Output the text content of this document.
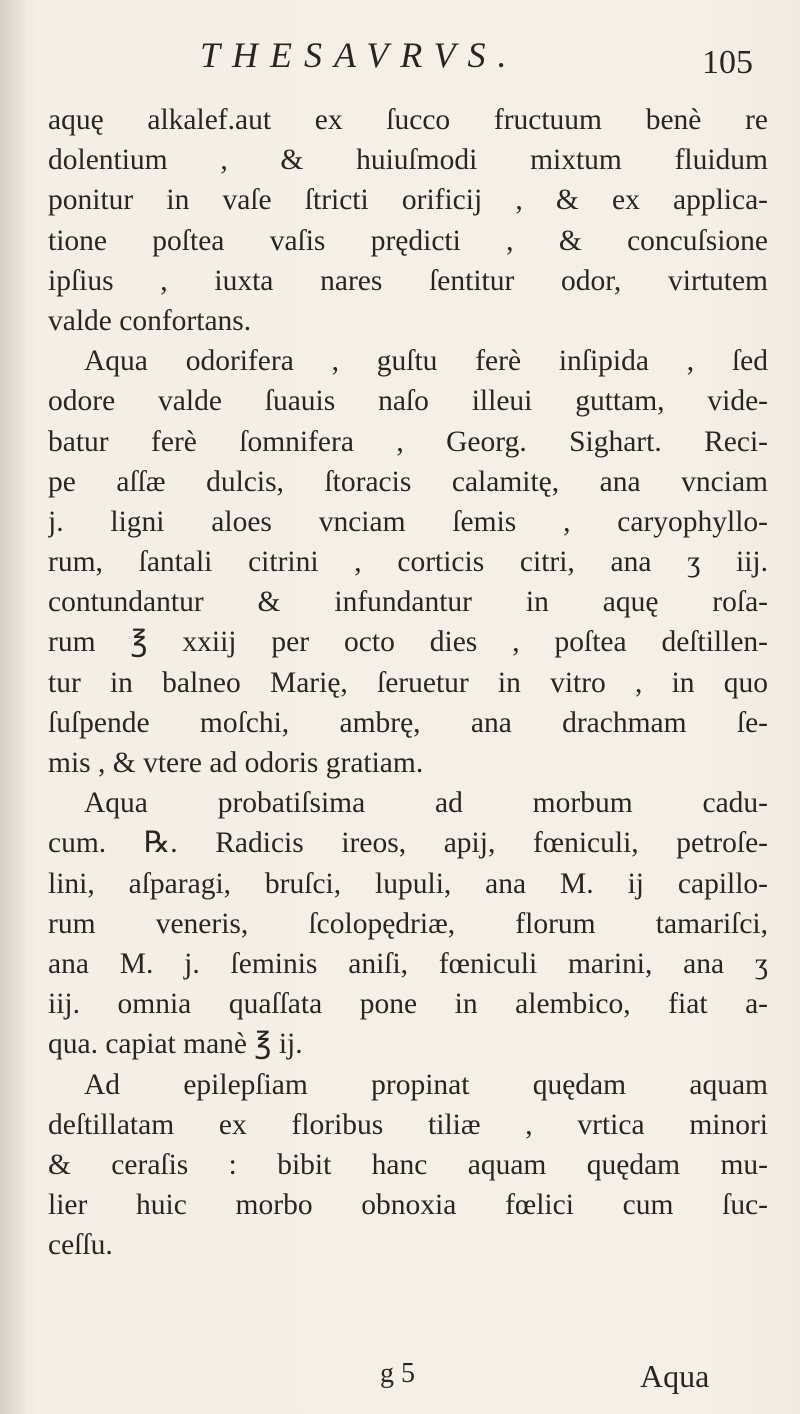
THESAVRVS.	105
aquę alkalef.aut ex ſucco fructuum benè re
dolentium , & huiuſmodi mixtum fluidum
ponitur in vaſe ſtricti orificij , & ex applica-
tione poſtea vaſis prędicti , & concuſsione
ipſius , iuxta nares ſentitur odor, virtutem
valde confortans.
Aqua odorifera , guſtu ferè inſipida , ſed
odore valde ſuauis naſo illeui guttam, vide-
batur ferè ſomnifera , Georg. Sighart. Reci-
pe aſſæ dulcis, ſtoracis calamitę, ana vnciam
j. ligni aloes vnciam ſemis , caryophyllo-
rum, ſantali citrini , corticis citri, ana ʒ iij.
contundantur & infundantur in aquę roſa-
rum ℥ xxiij per octo dies , poſtea deſtillen-
tur in balneo Marię, ſeruetur in vitro , in quo
ſuſpende moſchi, ambrę, ana drachmam ſe-
mis , & vtere ad odoris gratiam.
Aqua probatiſsima ad morbum cadu-
cum. ℞. Radicis ireos, apij, fœniculi, petroſe-
lini, aſparagi, bruſci, lupuli, ana M. ij capillo-
rum veneris, ſcolopędriæ, florum tamariſci,
ana M. j. ſeminis aniſi, fœniculi marini, ana ʒ
iij. omnia quaſſata pone in alembico, fiat a-
qua. capiat manè ℥ ij.
Ad epilepſiam propinat quędam aquam
deſtillatam ex floribus tiliæ , vrtica minori
& ceraſis : bibit hanc aquam quędam mu-
lier huic morbo obnoxia fœlici cum ſuc-
ceſſu.
g 5	Aqua
